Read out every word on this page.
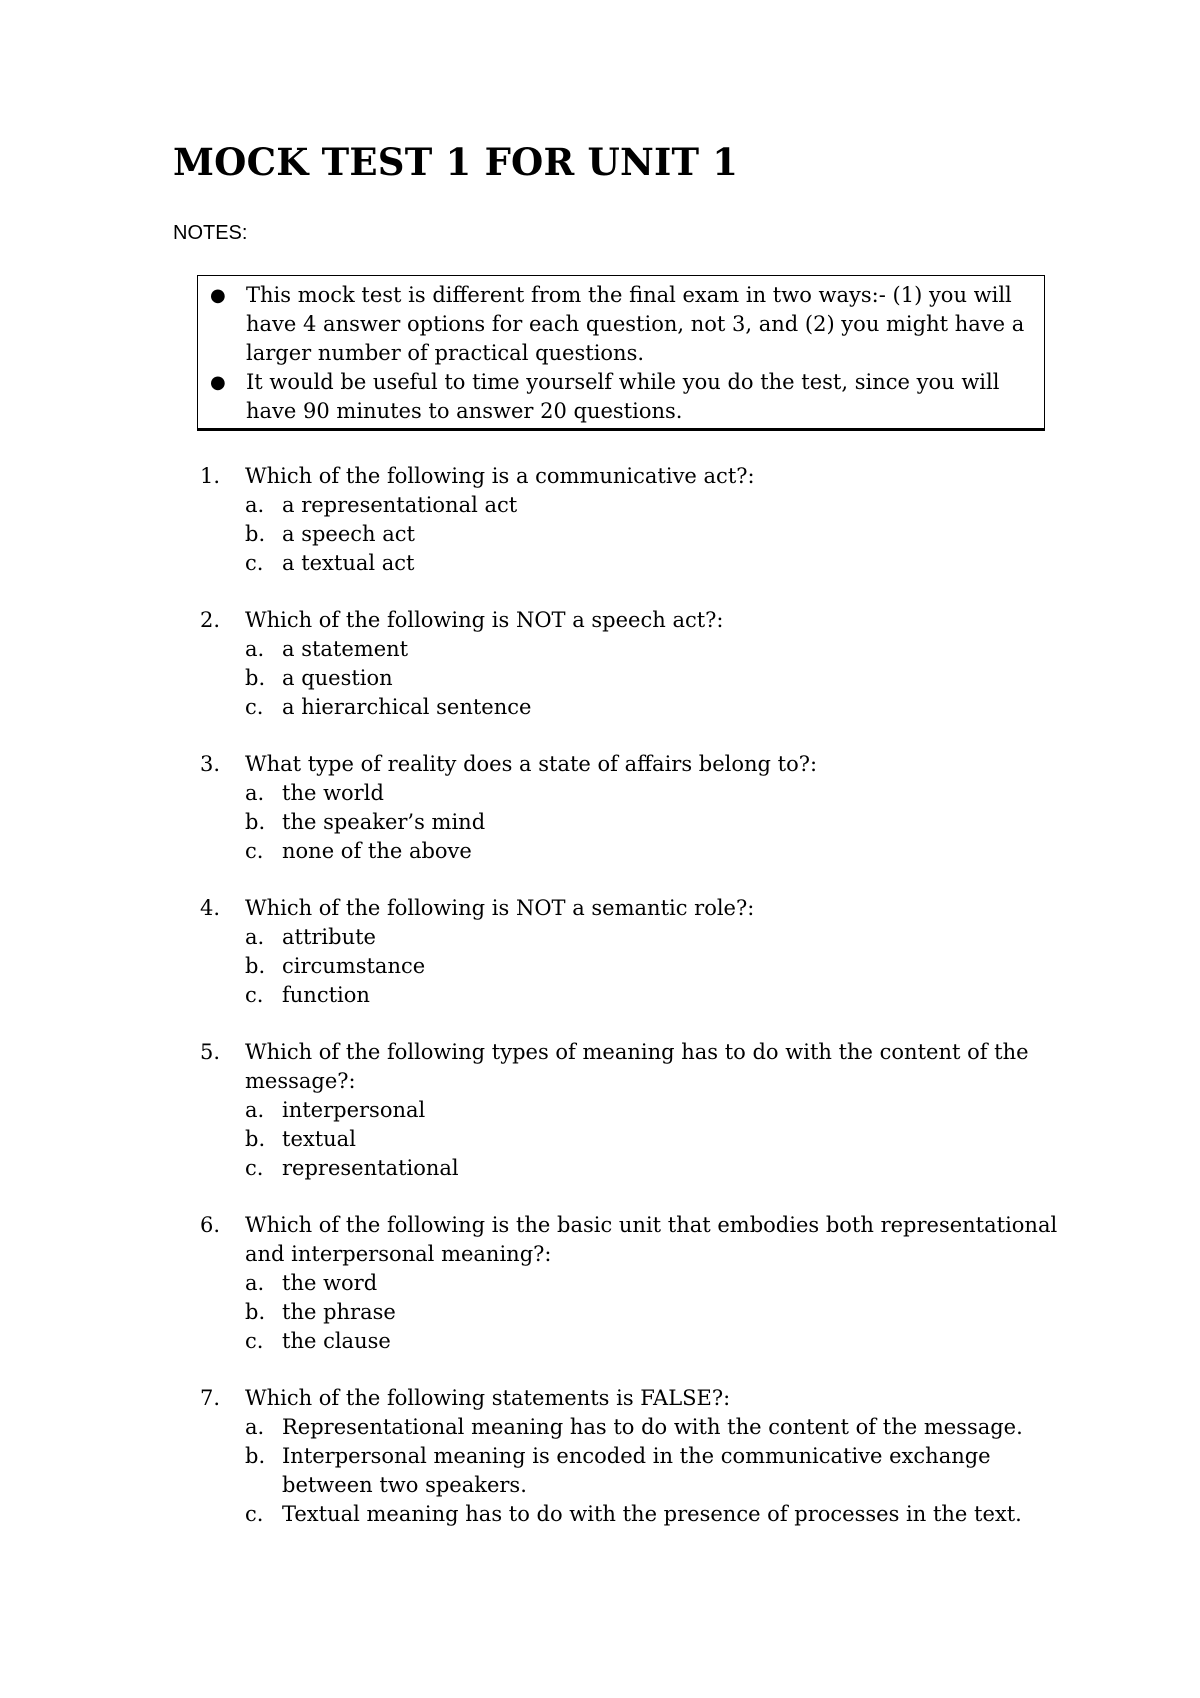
MOCK TEST 1 FOR UNIT 1
NOTES:
● This mock test is different from the final exam in two ways:- (1) you will have 4 answer options for each question, not 3, and (2) you might have a larger number of practical questions.
● It would be useful to time yourself while you do the test, since you will have 90 minutes to answer 20 questions.
1. Which of the following is a communicative act?:
a. a representational act
b. a speech act
c. a textual act
2. Which of the following is NOT a speech act?:
a. a statement
b. a question
c. a hierarchical sentence
3. What type of reality does a state of affairs belong to?:
a. the world
b. the speaker’s mind
c. none of the above
4. Which of the following is NOT a semantic role?:
a. attribute
b. circumstance
c. function
5. Which of the following types of meaning has to do with the content of the message?:
a. interpersonal
b. textual
c. representational
6. Which of the following is the basic unit that embodies both representational and interpersonal meaning?:
a. the word
b. the phrase
c. the clause
7. Which of the following statements is FALSE?:
a. Representational meaning has to do with the content of the message.
b. Interpersonal meaning is encoded in the communicative exchange between two speakers.
c. Textual meaning has to do with the presence of processes in the text.
